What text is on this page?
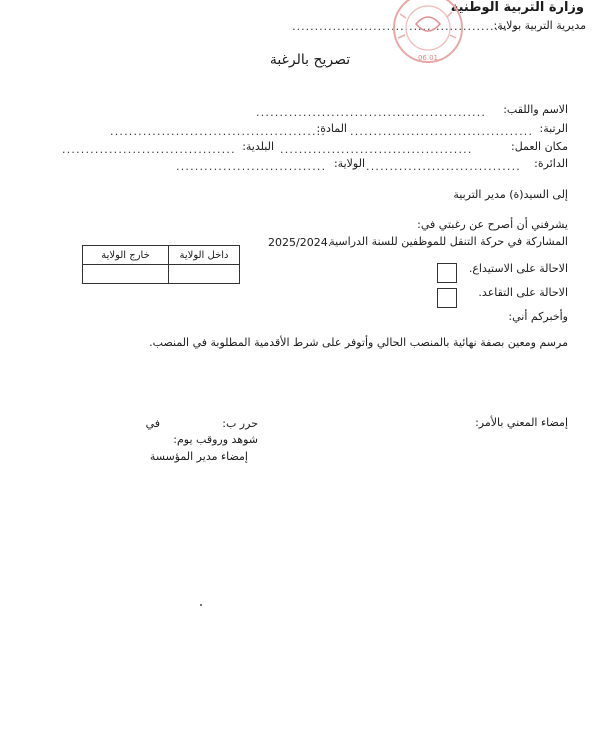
وزارة التربية الوطنية
مديرية التربية بولاية:
................................................
06.01
تصريح بالرغبة
الاسم واللقب:
.................................................
الرتبة:
.......................................
المادة:
..............................................
مكان العمل:
.........................................
البلدية:
.....................................
الدائرة:
.................................
الولاية:
................................
إلى السيد(ة) مدير التربية
يشرفني أن أصرح عن رغبتي في:
المشاركة في حركة التنقل للموظفين للسنة الدراسية
2025/2024.
داخل الولاية	خارج الولاية

الاحالة على الاستيداع.
الاحالة على التقاعد.
وأخبركم أني:
مرسم ومعين بصفة نهائية بالمنصب الحالي وأتوفر على شرط الأقدمية المطلوبة في المنصب.
إمضاء المعني بالأمر:
حرر ب:
في
شوهد وروقب يوم:
إمضاء مدير المؤسسة
